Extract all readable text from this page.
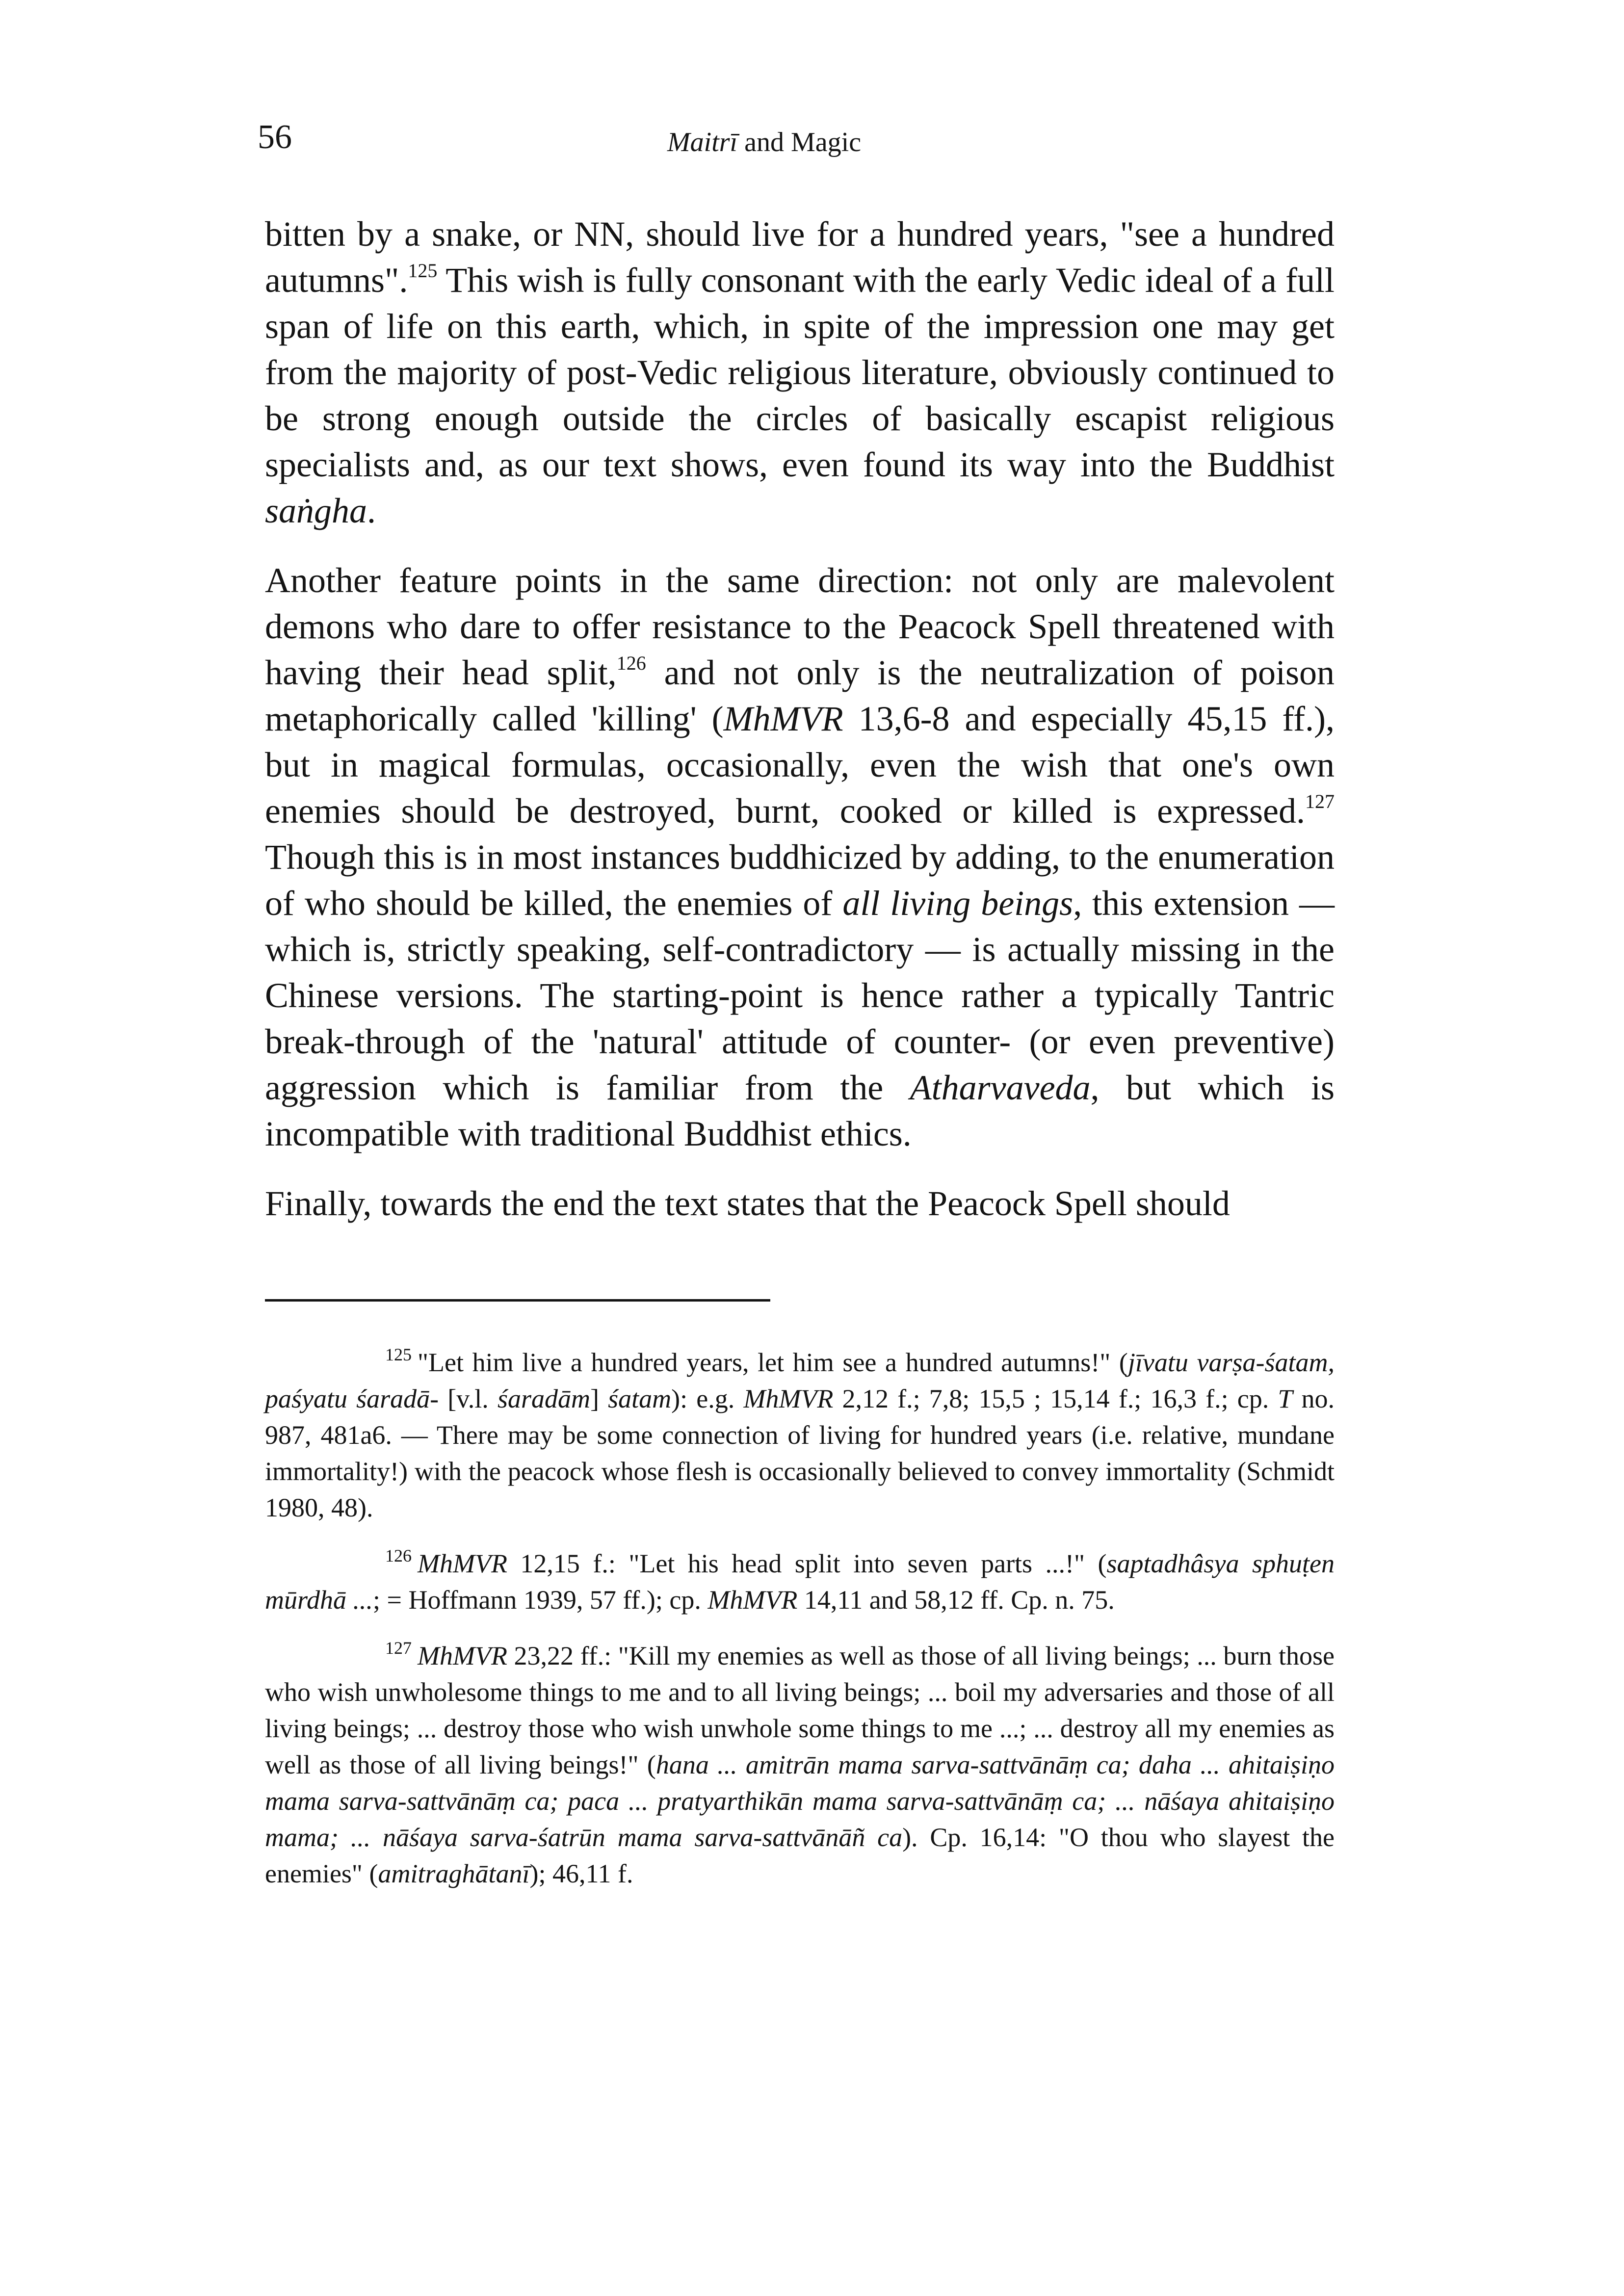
56	Maitrī and Magic

bitten by a snake, or NN, should live for a hundred years, "see a hundred autumns".$^{125}$ This wish is fully consonant with the early Vedic ideal of a full span of life on this earth, which, in spite of the impression one may get from the majority of post-Vedic religious literature, obviously continued to be strong enough outside the circles of basically escapist religious specialists and, as our text shows, even found its way into the Buddhist saṅgha.

Another feature points in the same direction: not only are malevolent demons who dare to offer resistance to the Peacock Spell threatened with having their head split,$^{126}$ and not only is the neutralization of poison metaphorically called 'killing' (MhMVR 13,6-8 and especially 45,15 ff.), but in magical formulas, occasionally, even the wish that one's own enemies should be destroyed, burnt, cooked or killed is expressed.$^{127}$ Though this is in most instances buddhicized by adding, to the enumeration of who should be killed, the enemies of all living beings, this extension — which is, strictly speaking, self-contradictory — is actually missing in the Chinese versions. The starting-point is hence rather a typically Tantric break-through of the 'natural' attitude of counter- (or even preventive) aggression which is familiar from the Atharvaveda, but which is incompatible with traditional Buddhist ethics.

Finally, towards the end the text states that the Peacock Spell should

$^{125}$ "Let him live a hundred years, let him see a hundred autumns!" (jīvatu varṣa-śatam, paśyatu śaradā- [v.l. śaradām] śatam): e.g. MhMVR 2,12 f.; 7,8; 15,5 ; 15,14 f.; 16,3 f.; cp. T no. 987, 481a6. — There may be some connection of living for hundred years (i.e. relative, mundane immortality!) with the peacock whose flesh is occasionally believed to convey immortality (Schmidt 1980, 48).

$^{126}$ MhMVR 12,15 f.: "Let his head split into seven parts ...!" (saptadhâsya sphuṭen mūrdhā ...; = Hoffmann 1939, 57 ff.); cp. MhMVR 14,11 and 58,12 ff. Cp. n. 75.

$^{127}$ MhMVR 23,22 ff.: "Kill my enemies as well as those of all living beings; ... burn those who wish unwholesome things to me and to all living beings; ... boil my adversaries and those of all living beings; ... destroy those who wish unwhole some things to me ...; ... destroy all my enemies as well as those of all living beings!" (hana ... amitrān mama sarva-sattvānāṃ ca; daha ... ahitaiṣiṇo mama sarva-sattvānāṃ ca; paca ... pratyarthikān mama sarva-sattvānāṃ ca; ... nāśaya ahitaiṣiṇo mama; ... nāśaya sarva-śatrūn mama sarva-sattvānāñ ca). Cp. 16,14: "O thou who slayest the enemies" (amitraghātanī); 46,11 f.
